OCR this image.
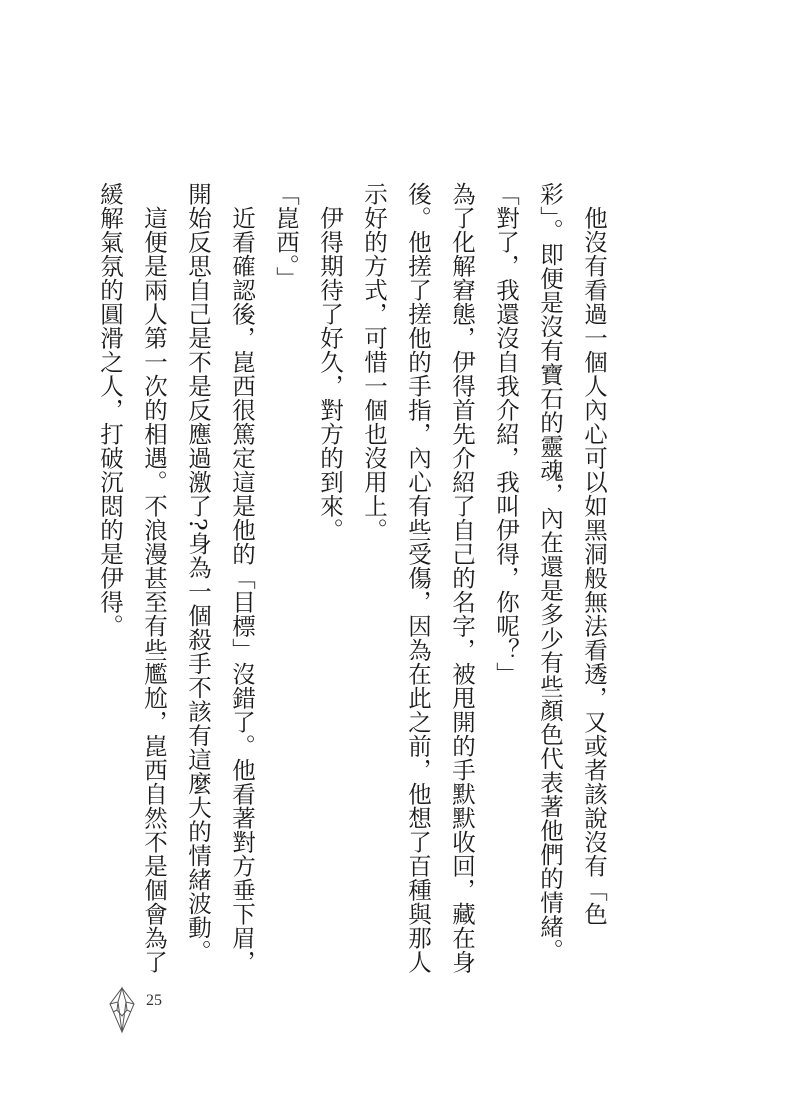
他沒有看過一個人內心可以如黑洞般無法看透，又或者該說沒有「色彩」。即便是沒有寶石的靈魂，內在還是多少有些顏色代表著他們的情緒。

「對了，我還沒自我介紹，我叫伊得，你呢？」

為了化解窘態，伊得首先介紹了自己的名字，被甩開的手默默收回，藏在身後。他搓了搓他的手指，內心有些受傷，因為在此之前，他想了百種與那人示好的方式，可惜一個也沒用上。

伊得期待了好久，對方的到來。

「崑西。」

近看確認後，崑西很篤定這是他的「目標」沒錯了。他看著對方垂下眉，開始反思自己是不是反應過激了?身為一個殺手不該有這麼大的情緒波動。

這便是兩人第一次的相遇。不浪漫甚至有些尷尬，崑西自然不是個會為了緩解氣氛的圓滑之人，打破沉悶的是伊得。

25
